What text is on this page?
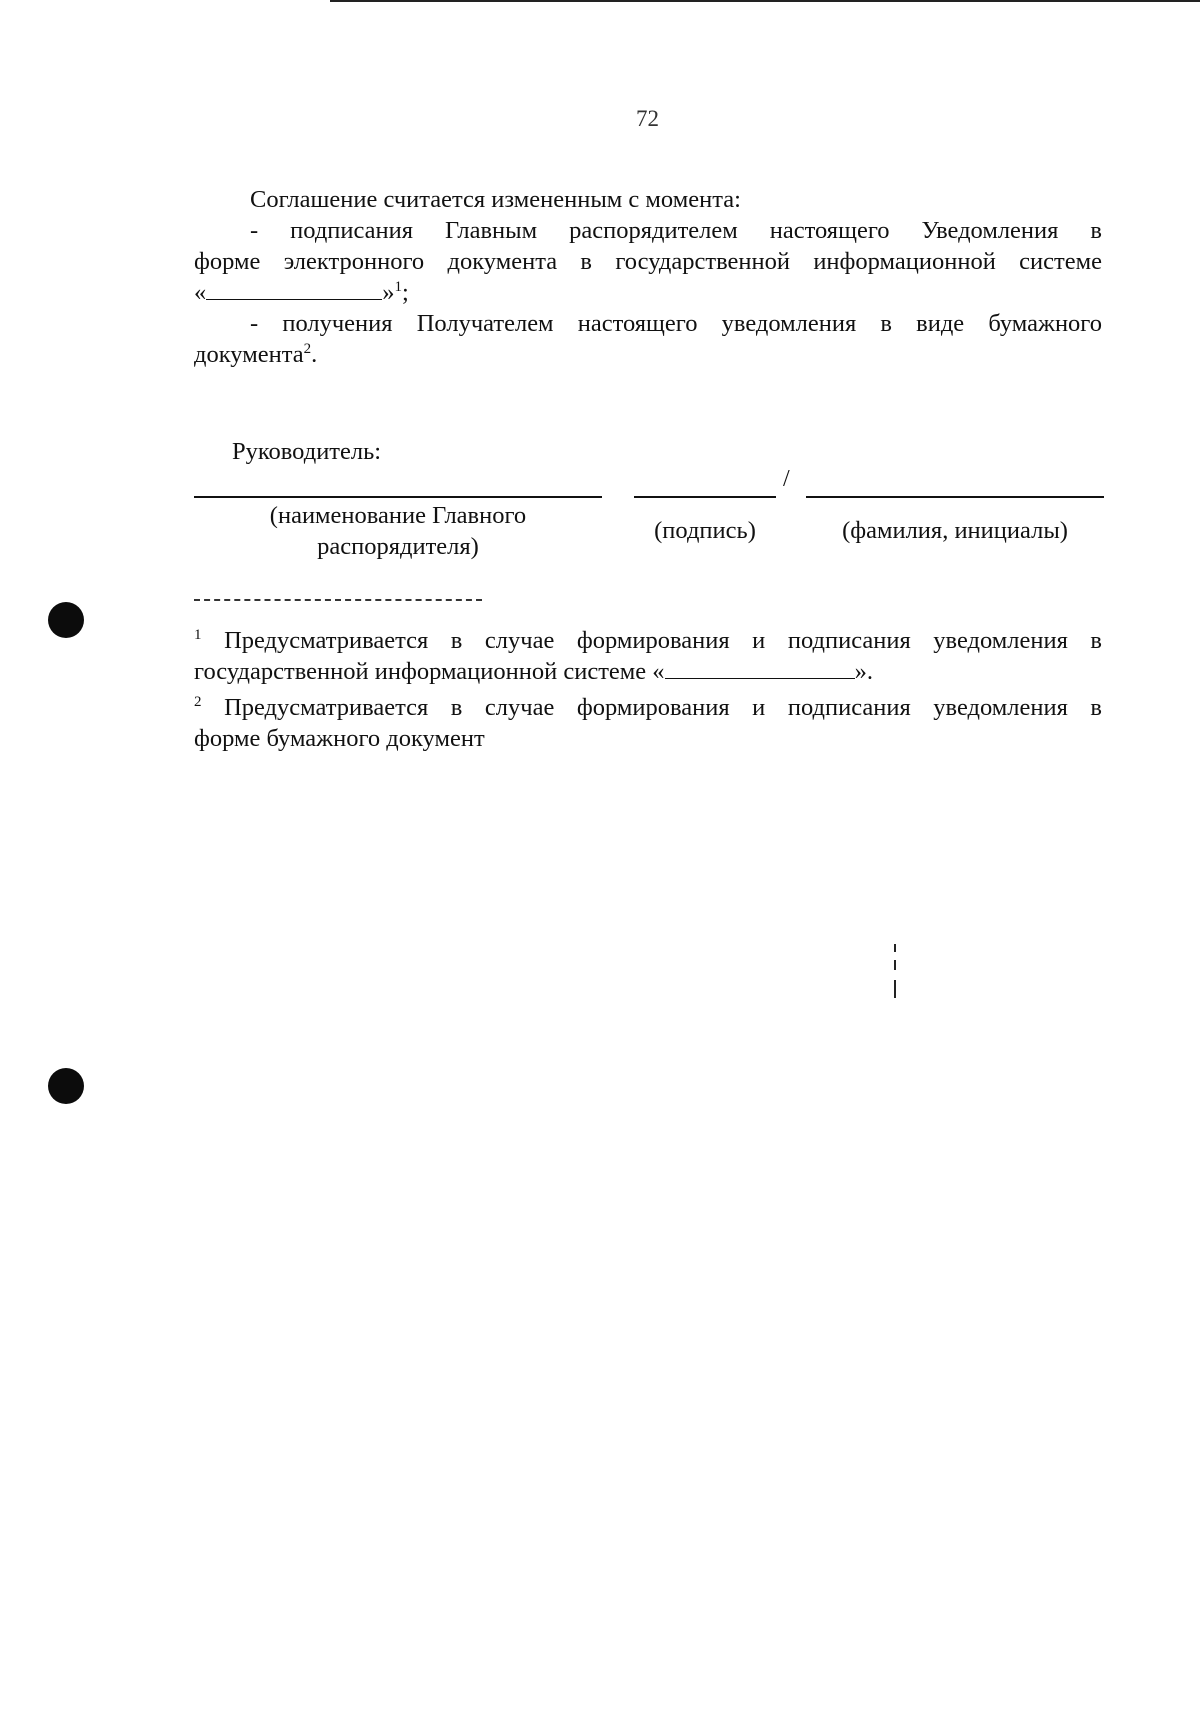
72
Соглашение считается измененным с момента:
- подписания Главным распорядителем настоящего Уведомления в
форме электронного документа в государственной информационной системе
«	»$^1$;
- получения Получателем настоящего уведомления в виде бумажного
документа$^2$.
Руководитель:
/
(наименование Главного
распорядителя)
(подпись)	(фамилия, инициалы)
$^1$ Предусматривается в случае формирования и подписания уведомления в
государственной информационной системе «	».
$^2$ Предусматривается в случае формирования и подписания уведомления в
форме бумажного документ
